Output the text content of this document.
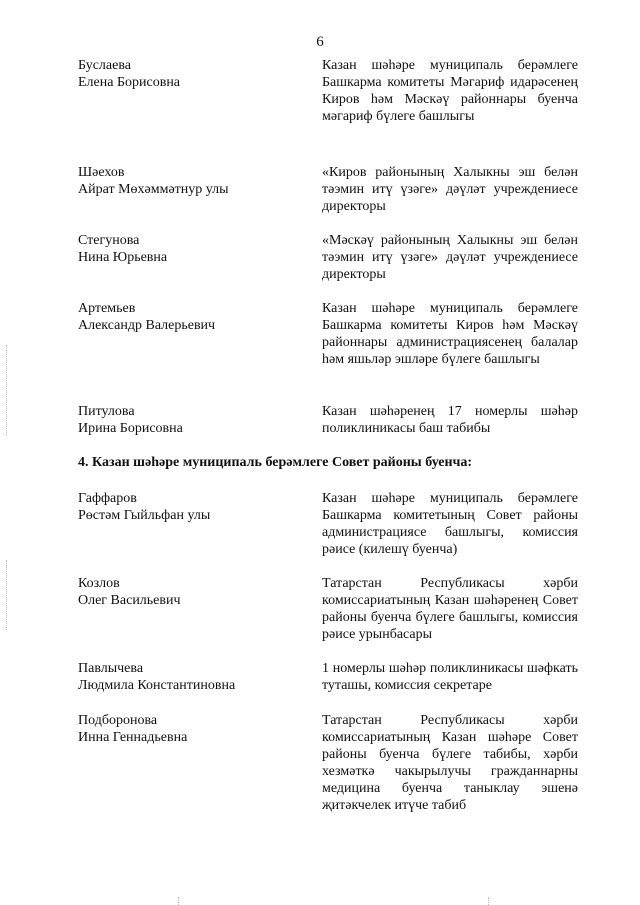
6
Буслаева
Елена Борисовна
Казан шәһәре муниципаль берәмлеге Башкарма комитеты Мәгариф идарәсенең Киров һәм Мәскәү районнары буенча мәгариф бүлеге башлыгы
Шәехов
Айрат Мөхәммәтнур улы
«Киров районының Халыкны эш белән тәэмин итү үзәге» дәүләт учреждениесе директоры
Стегунова
Нина Юрьевна
«Мәскәү районының Халыкны эш белән тәэмин итү үзәге» дәүләт учреждениесе директоры
Артемьев
Александр Валерьевич
Казан шәһәре муниципаль берәмлеге Башкарма комитеты Киров һәм Мәскәү районнары администрациясенең балалар һәм яшьләр эшләре бүлеге башлыгы
Питулова
Ирина Борисовна
Казан шәһәренең 17 номерлы шәһәр поликлиникасы баш табибы
4. Казан шәһәре муниципаль берәмлеге Совет районы буенча:
Гаффаров
Рөстәм Гыйльфан улы
Казан шәһәре муниципаль берәмлеге Башкарма комитетының Совет районы администрациясе башлыгы, комиссия рәисе (килешү буенча)
Козлов
Олег Васильевич
Татарстан Республикасы хәрби комиссариатының Казан шәһәренең Совет районы буенча бүлеге башлыгы, комиссия рәисе урынбасары
Павлычева
Людмила Константиновна
1 номерлы шәһәр поликлиникасы шәфкать туташы, комиссия секретаре
Подборонова
Инна Геннадьевна
Татарстан Республикасы хәрби комиссариатының Казан шәһәре Совет районы буенча бүлеге табибы, хәрби хезмәткә чакырылучы гражданнарны медицина буенча таныклау эшенә җитәкчелек итүче табиб
